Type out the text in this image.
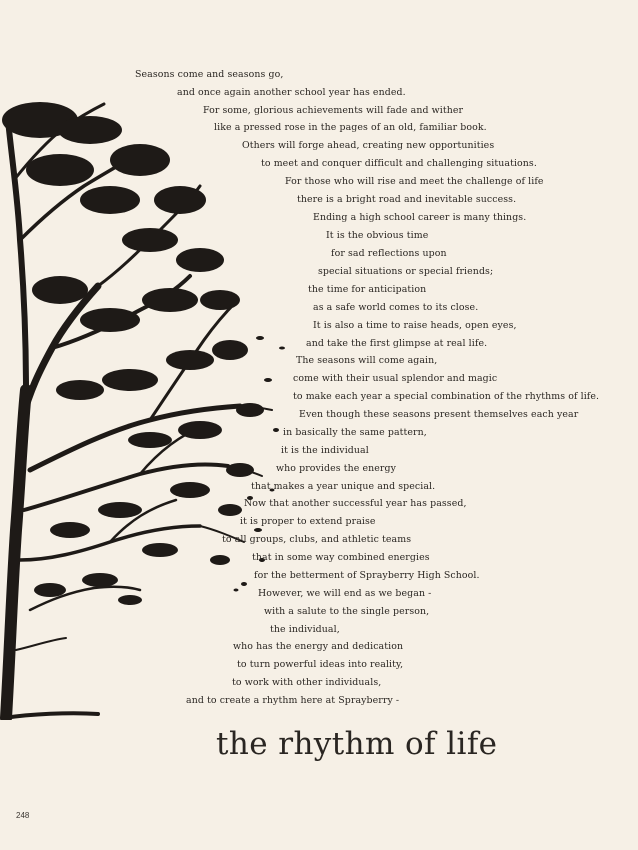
Seasons come and seasons go,
and once again another school year has ended.
For some, glorious achievements will fade and wither
like a pressed rose in the pages of an old, familiar book.
Others will forge ahead, creating new opportunities
to meet and conquer difficult and challenging situations.
For those who will rise and meet the challenge of life
there is a bright road and inevitable success.
Ending a high school career is many things.
It is the obvious time
for sad reflections upon
special situations or special friends;
the time for anticipation
as a safe world comes to its close.
It is also a time to raise heads, open eyes,
and take the first glimpse at real life.
The seasons will come again,
come with their usual splendor and magic
to make each year a special combination of the rhythms of life.
Even though these seasons present themselves each year
in basically the same pattern,
it is the individual
who provides the energy
that makes a year unique and special.
Now that another successful year has passed,
it is proper to extend praise
to all groups, clubs, and athletic teams
that in some way combined energies
for the betterment of Sprayberry High School.
However, we will end as we began -
with a salute to the single person,
the individual,
who has the energy and dedication
to turn powerful ideas into reality,
to work with other individuals,
and to create a rhythm here at Sprayberry -
the rhythm of life
248
